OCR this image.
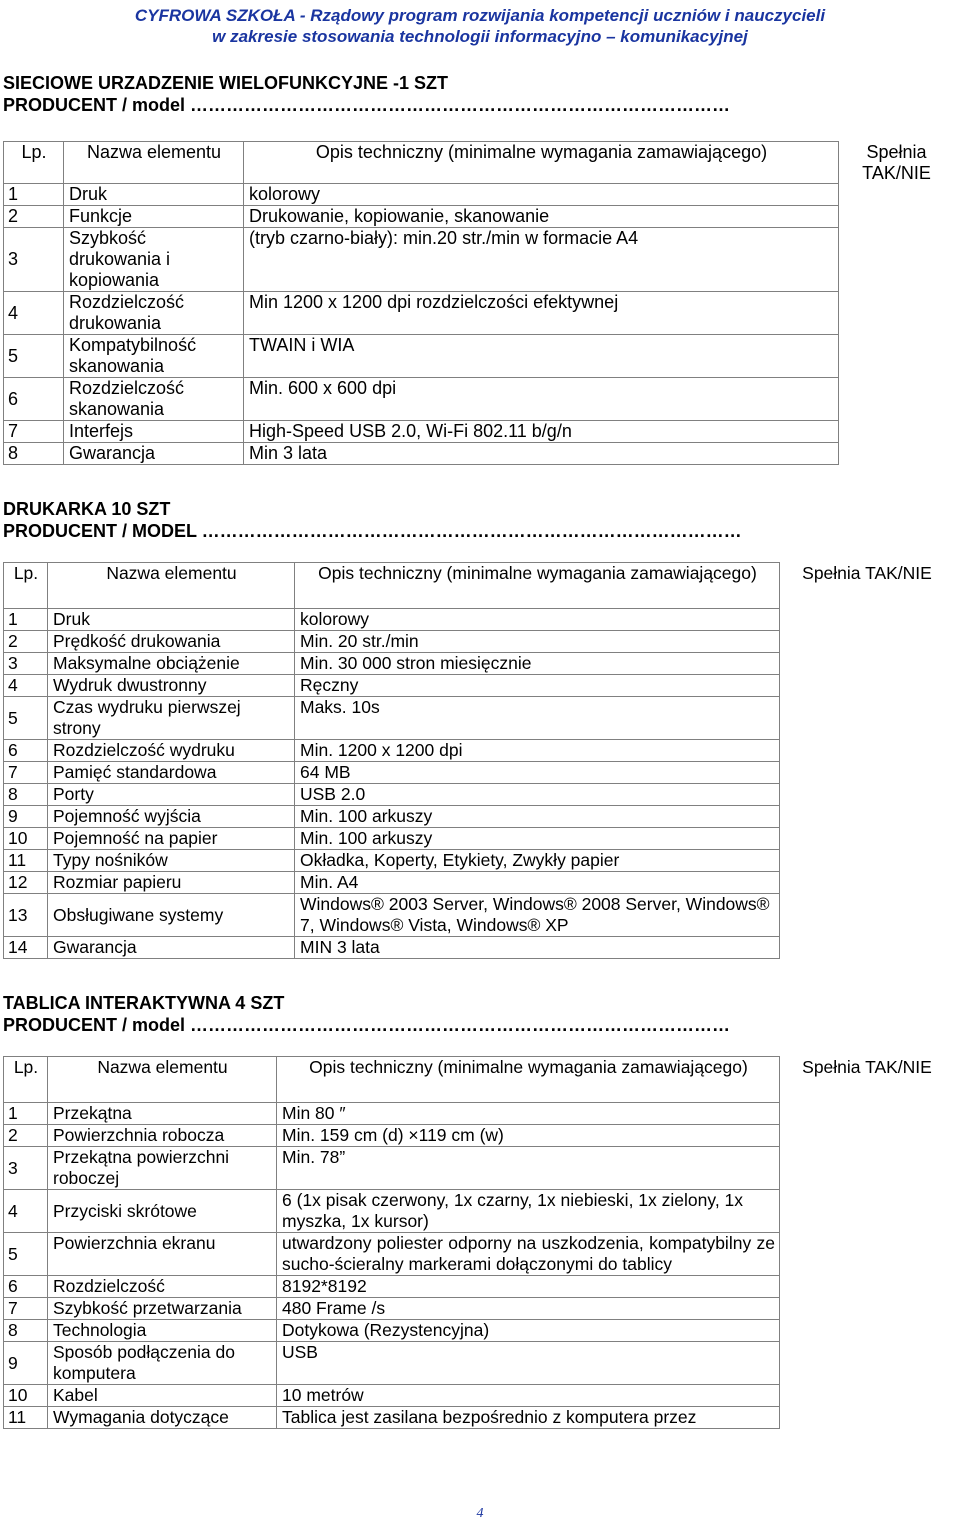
CYFROWA SZKOŁA - Rządowy program rozwijania kompetencji uczniów i nauczycieli
w zakresie stosowania technologii informacyjno – komunikacyjnej
SIECIOWE URZADZENIE WIELOFUNKCYJNE -1 SZT
PRODUCENT / model ………………………………………………………………………………
Lp.	Nazwa elementu	Opis techniczny (minimalne wymagania zamawiającego)	Spełnia TAK/NIE
1	Druk	kolorowy	
2	Funkcje	Drukowanie, kopiowanie, skanowanie	
3	Szybkość drukowania i kopiowania	(tryb czarno-biały): min.20 str./min w formacie A4	
4	Rozdzielczość drukowania	Min 1200 x 1200 dpi rozdzielczości efektywnej	
5	Kompatybilność skanowania	TWAIN i WIA	
6	Rozdzielczość skanowania	Min. 600 x 600 dpi	
7	Interfejs	High-Speed USB 2.0, Wi-Fi 802.11 b/g/n	
8	Gwarancja	Min 3 lata	
DRUKARKA 10 SZT
PRODUCENT / MODEL ………………………………………………………………………………
Lp.	Nazwa elementu	Opis techniczny (minimalne wymagania zamawiającego)	Spełnia TAK/NIE
1	Druk	kolorowy	
2	Prędkość drukowania	Min. 20 str./min	
3	Maksymalne obciążenie	Min. 30 000 stron miesięcznie	
4	Wydruk dwustronny	Ręczny	
5	Czas wydruku pierwszej strony	Maks. 10s	
6	Rozdzielczość wydruku	Min. 1200 x 1200 dpi	
7	Pamięć standardowa	64 MB	
8	Porty	USB 2.0	
9	Pojemność wyjścia	Min. 100 arkuszy	
10	Pojemność na papier	Min. 100 arkuszy	
11	Typy nośników	Okładka, Koperty, Etykiety, Zwykły papier	
12	Rozmiar papieru	Min. A4	
13	Obsługiwane systemy	Windows® 2003 Server, Windows® 2008 Server, Windows® 7, Windows® Vista, Windows® XP	
14	Gwarancja	MIN 3 lata	
TABLICA INTERAKTYWNA 4 SZT
PRODUCENT / model ………………………………………………………………………………
Lp.	Nazwa elementu	Opis techniczny (minimalne wymagania zamawiającego)	Spełnia TAK/NIE
1	Przekątna	Min 80 ″	
2	Powierzchnia robocza	Min. 159 cm (d) ×119 cm (w)	
3	Przekątna powierzchni roboczej	Min. 78”	
4	Przyciski skrótowe	6 (1x pisak czerwony, 1x czarny, 1x niebieski, 1x zielony, 1x myszka, 1x kursor)	
5	Powierzchnia ekranu	utwardzony poliester odporny na uszkodzenia, kompatybilny ze sucho-ścieralny markerami dołączonymi do tablicy	
6	Rozdzielczość	8192*8192	
7	Szybkość przetwarzania	480 Frame /s	
8	Technologia	Dotykowa (Rezystencyjna)	
9	Sposób podłączenia do komputera	USB	
10	Kabel	10 metrów	
11	Wymagania dotyczące	Tablica jest zasilana bezpośrednio z komputera przez	
4
